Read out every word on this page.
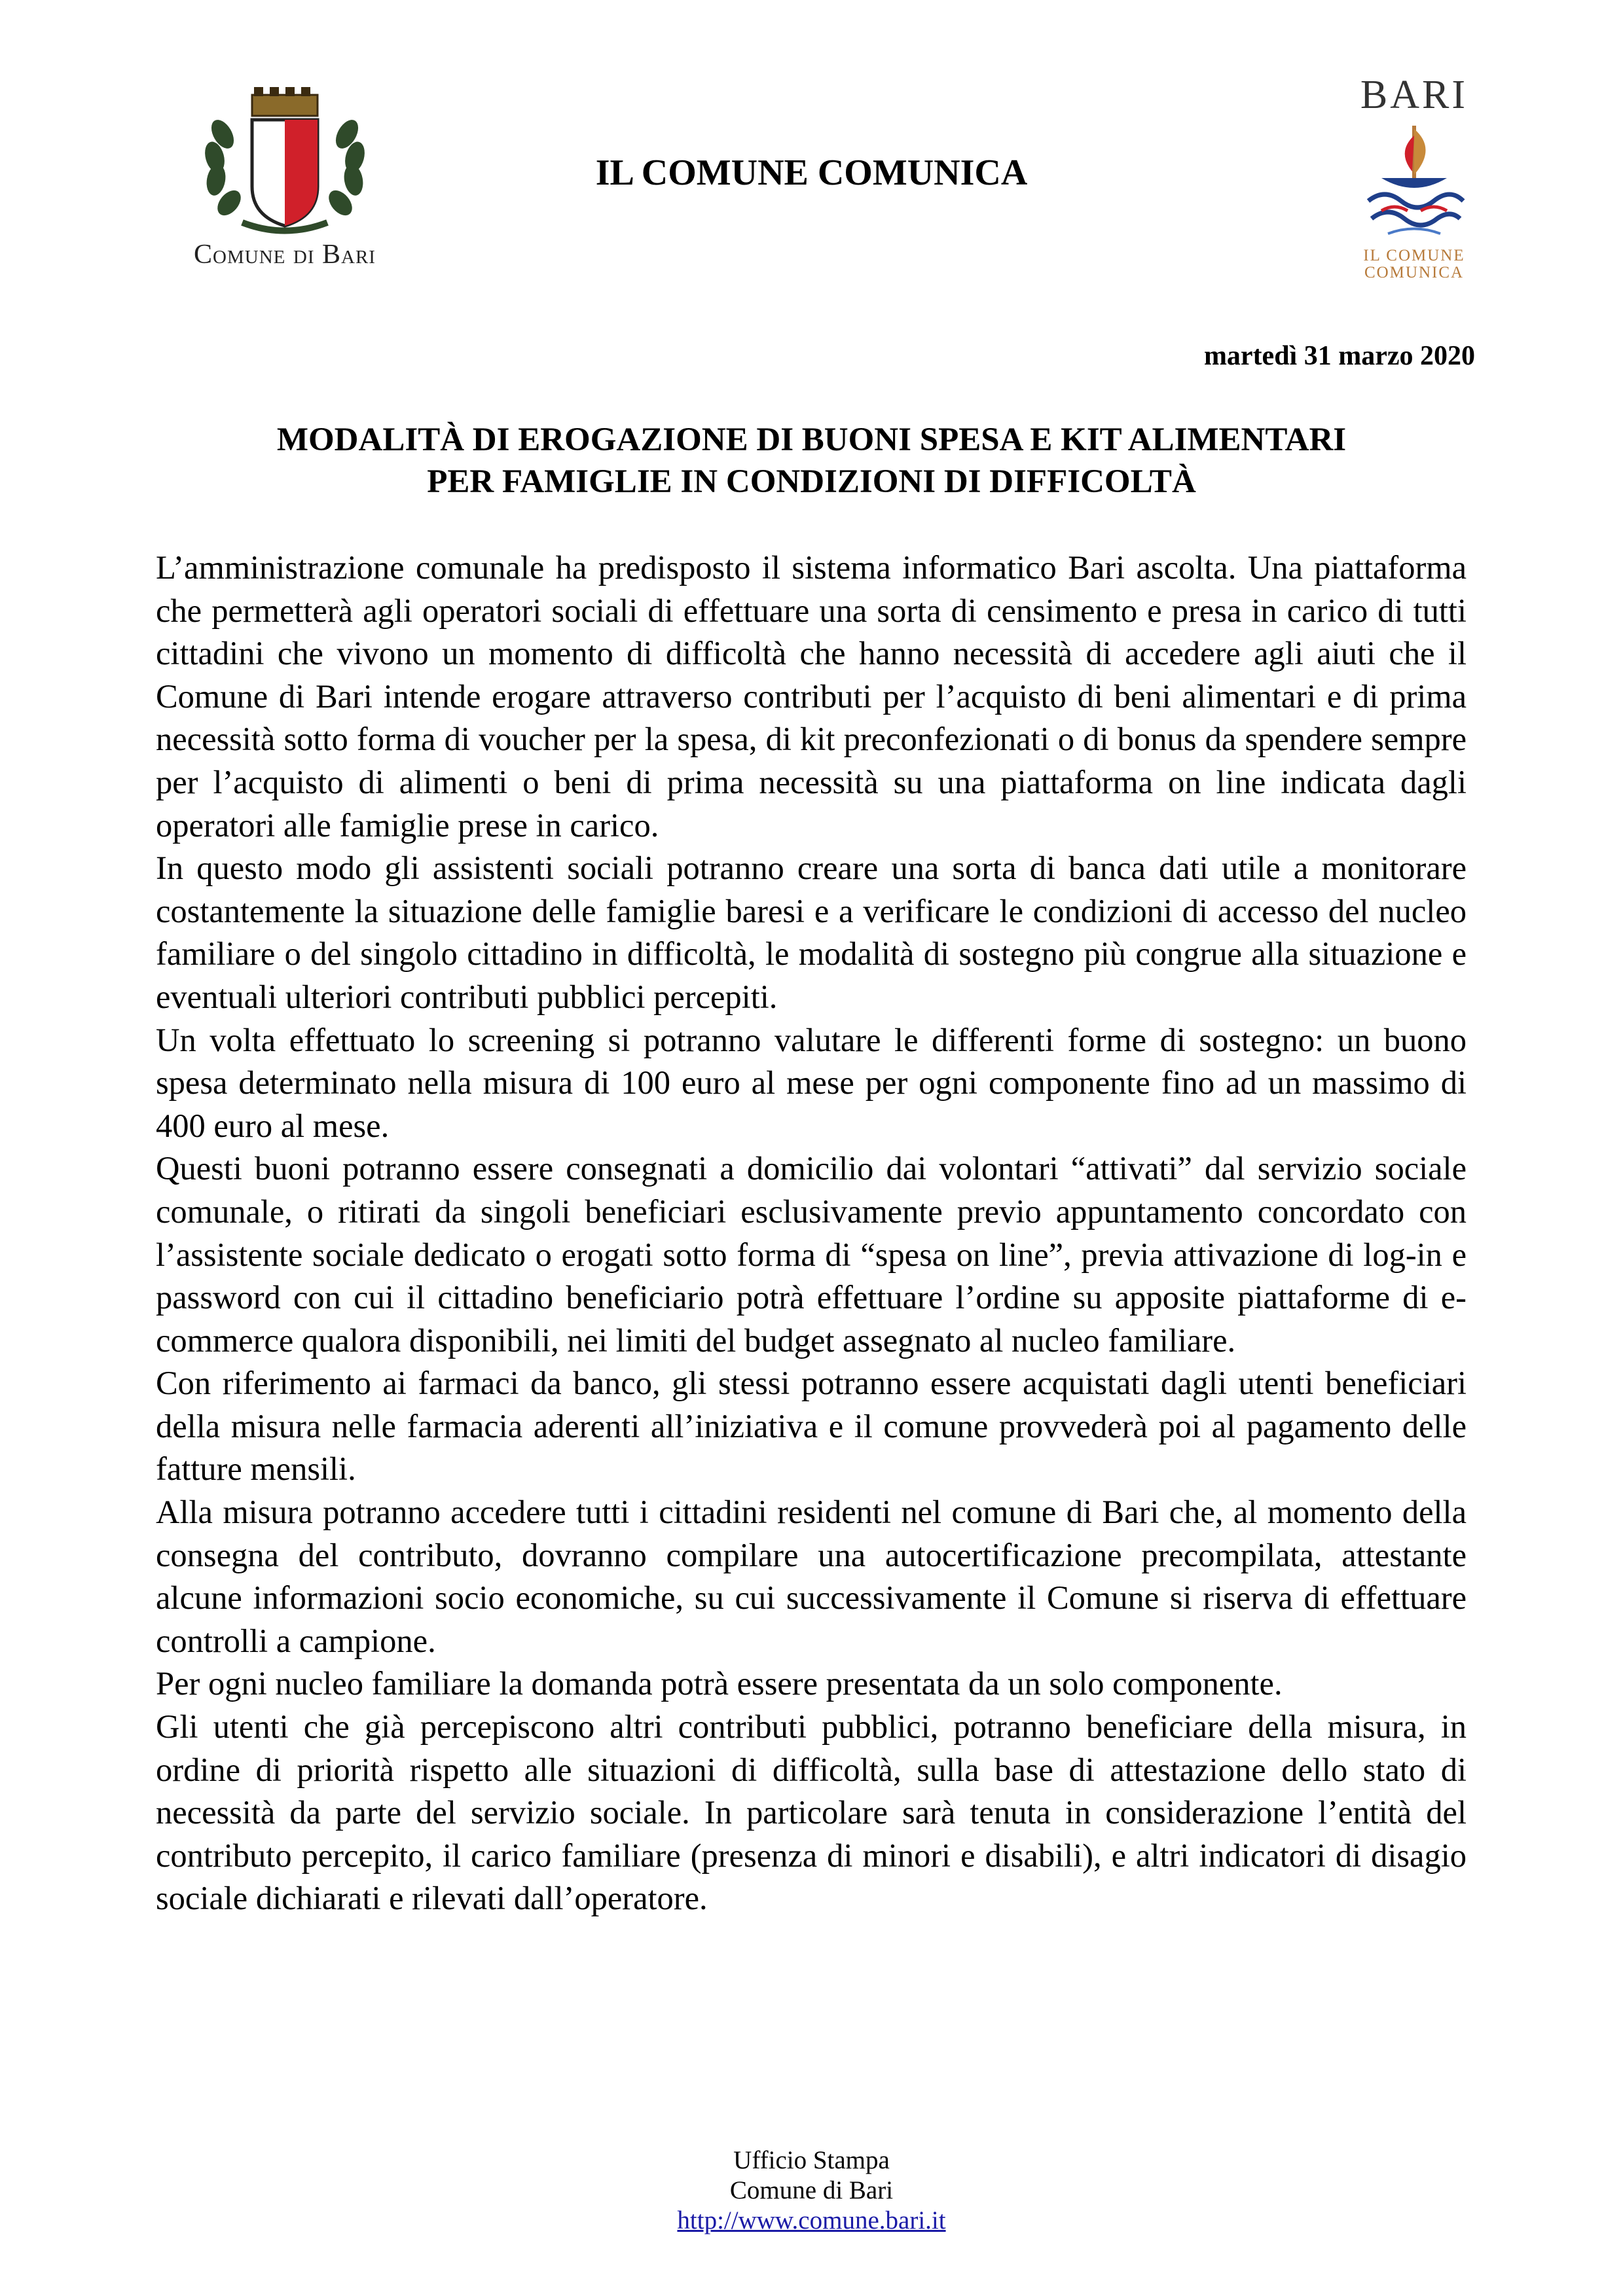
Comune di Bari
IL COMUNE COMUNICA
BARI
IL COMUNE
COMUNICA
martedì 31 marzo 2020
MODALITÀ DI EROGAZIONE DI BUONI SPESA E KIT ALIMENTARI
PER FAMIGLIE IN CONDIZIONI DI DIFFICOLTÀ

L’amministrazione comunale ha predisposto il sistema informatico Bari ascolta. Una piattaforma che permetterà agli operatori sociali di effettuare una sorta di censimento e presa in carico di tutti cittadini che vivono un momento di difficoltà che hanno necessità di accedere agli aiuti che il Comune di Bari intende erogare attraverso contributi per l’acquisto di beni alimentari e di prima necessità sotto forma di voucher per la spesa, di kit preconfezionati o di bonus da spendere sempre per l’acquisto di alimenti o beni di prima necessità su una piattaforma on line indicata dagli operatori alle famiglie prese in carico.

In questo modo gli assistenti sociali potranno creare una sorta di banca dati utile a monitorare costantemente la situazione delle famiglie baresi e a verificare le condizioni di accesso del nucleo familiare o del singolo cittadino in difficoltà, le modalità di sostegno più congrue alla situazione e eventuali ulteriori contributi pubblici percepiti.

Un volta effettuato lo screening si potranno valutare le differenti forme di sostegno: un buono spesa determinato nella misura di 100 euro al mese per ogni componente fino ad un massimo di 400 euro al mese.

Questi buoni potranno essere consegnati a domicilio dai volontari “attivati” dal servizio sociale comunale, o ritirati da singoli beneficiari esclusivamente previo appuntamento concordato con l’assistente sociale dedicato o erogati sotto forma di “spesa on line”, previa attivazione di log-in e password con cui il cittadino beneficiario potrà effettuare l’ordine su apposite piattaforme di e-commerce qualora disponibili, nei limiti del budget assegnato al nucleo familiare.

Con riferimento ai farmaci da banco, gli stessi potranno essere acquistati dagli utenti beneficiari della misura nelle farmacia aderenti all’iniziativa e il comune provvederà poi al pagamento delle fatture mensili.

Alla misura potranno accedere tutti i cittadini residenti nel comune di Bari che, al momento della consegna del contributo, dovranno compilare una autocertificazione precompilata, attestante alcune informazioni socio economiche, su cui successivamente il Comune si riserva di effettuare controlli a campione.

Per ogni nucleo familiare la domanda potrà essere presentata da un solo componente.

Gli utenti che già percepiscono altri contributi pubblici, potranno beneficiare della misura, in ordine di priorità rispetto alle situazioni di difficoltà, sulla base di attestazione dello stato di necessità da parte del servizio sociale. In particolare sarà tenuta in considerazione l’entità del contributo percepito, il carico familiare (presenza di minori e disabili), e altri indicatori di disagio sociale dichiarati e rilevati dall’operatore.

Ufficio Stampa
Comune di Bari
http://www.comune.bari.it
